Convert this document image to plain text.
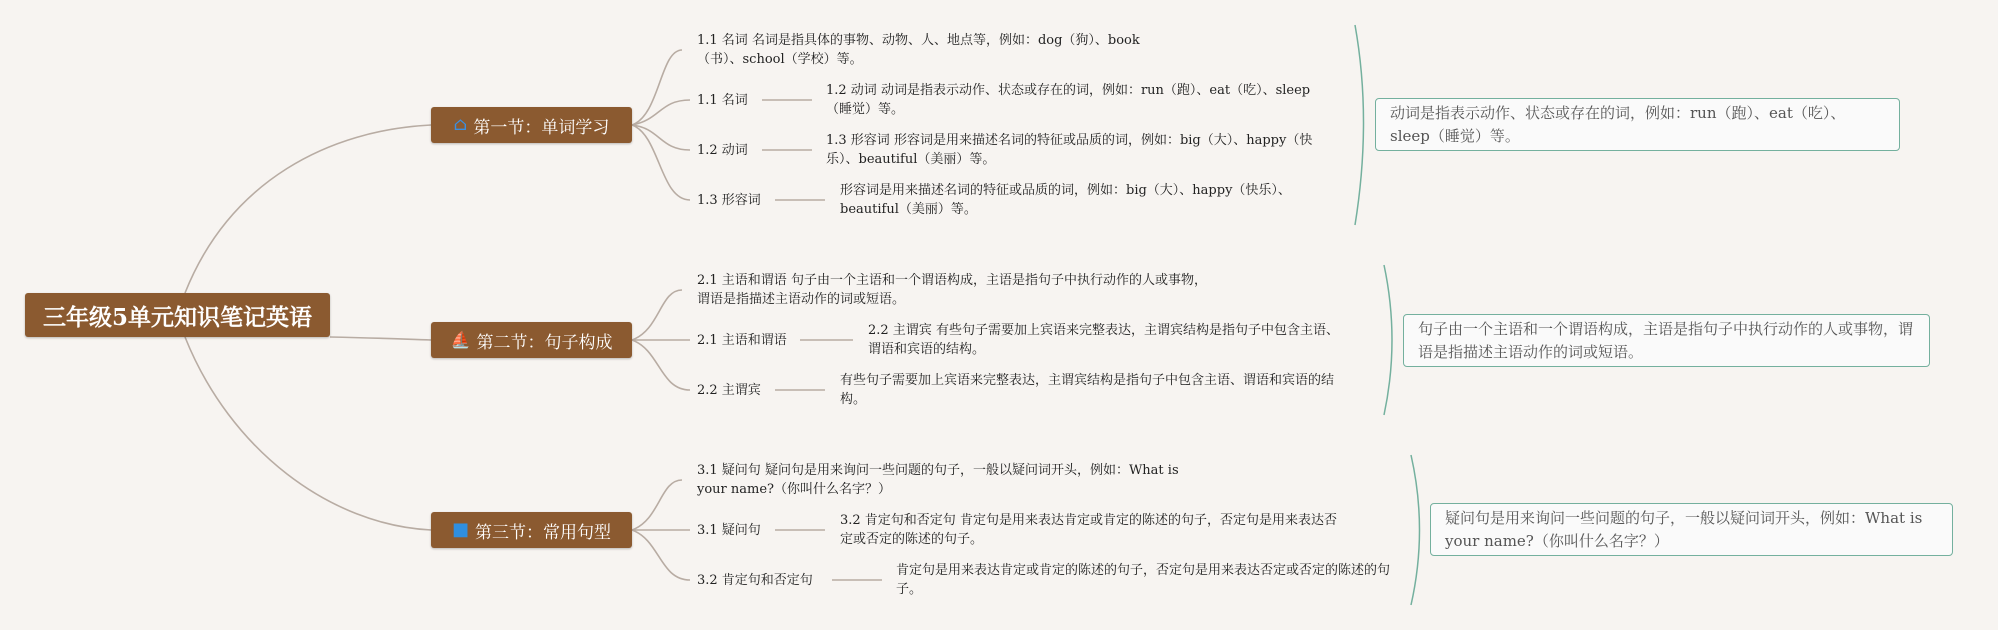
三年级5单元知识笔记英语
⌂ 第一节：单词学习
1.1 名词 名词是指具体的事物、动物、人、地点等，例如：dog（狗）、book（书）、school（学校）等。
1.1 名词
1.2 动词 动词是指表示动作、状态或存在的词，例如：run（跑）、eat（吃）、sleep（睡觉）等。
1.2 动词
1.3 形容词 形容词是用来描述名词的特征或品质的词，例如：big（大）、happy（快乐）、beautiful（美丽）等。
1.3 形容词
形容词是用来描述名词的特征或品质的词，例如：big（大）、happy（快乐）、beautiful（美丽）等。
动词是指表示动作、状态或存在的词，例如：run（跑）、eat（吃）、sleep（睡觉）等。
⛵ 第二节：句子构成
2.1 主语和谓语 句子由一个主语和一个谓语构成，主语是指句子中执行动作的人或事物，谓语是指描述主语动作的词或短语。
2.1 主语和谓语
2.2 主谓宾 有些句子需要加上宾语来完整表达，主谓宾结构是指句子中包含主语、谓语和宾语的结构。
2.2 主谓宾
有些句子需要加上宾语来完整表达，主谓宾结构是指句子中包含主语、谓语和宾语的结构。
句子由一个主语和一个谓语构成，主语是指句子中执行动作的人或事物，谓语是指描述主语动作的词或短语。
■ 第三节：常用句型
3.1 疑问句 疑问句是用来询问一些问题的句子，一般以疑问词开头，例如：What is your name?（你叫什么名字？）
3.1 疑问句
3.2 肯定句和否定句 肯定句是用来表达肯定或肯定的陈述的句子，否定句是用来表达否定或否定的陈述的句子。
3.2 肯定句和否定句
肯定句是用来表达肯定或肯定的陈述的句子，否定句是用来表达否定或否定的陈述的句子。
疑问句是用来询问一些问题的句子，一般以疑问词开头，例如：What is your name?（你叫什么名字？）
